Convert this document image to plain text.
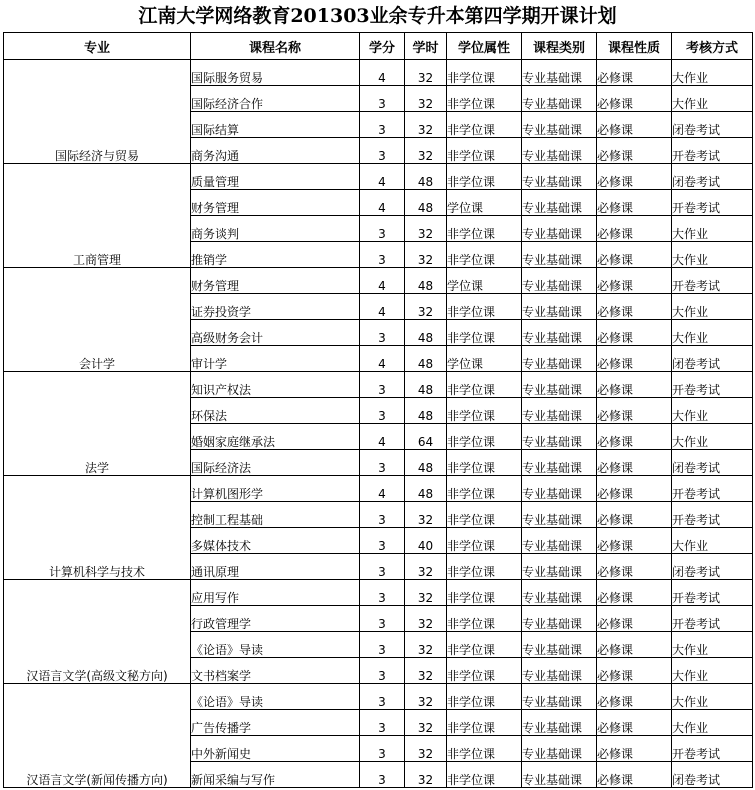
江南大学网络教育201303业余专升本第四学期开课计划
专业	课程名称	学分	学时	学位属性	课程类别	课程性质	考核方式
国际经济与贸易	国际服务贸易	4	32	非学位课	专业基础课	必修课	大作业
	国际经济合作	3	32	非学位课	专业基础课	必修课	大作业
	国际结算	3	32	非学位课	专业基础课	必修课	闭卷考试
	商务沟通	3	32	非学位课	专业基础课	必修课	开卷考试
工商管理	质量管理	4	48	非学位课	专业基础课	必修课	闭卷考试
	财务管理	4	48	学位课	专业基础课	必修课	开卷考试
	商务谈判	3	32	非学位课	专业基础课	必修课	大作业
	推销学	3	32	非学位课	专业基础课	必修课	大作业
会计学	财务管理	4	48	学位课	专业基础课	必修课	开卷考试
	证券投资学	4	32	非学位课	专业基础课	必修课	大作业
	高级财务会计	3	48	非学位课	专业基础课	必修课	大作业
	审计学	4	48	学位课	专业基础课	必修课	闭卷考试
法学	知识产权法	3	48	非学位课	专业基础课	必修课	开卷考试
	环保法	3	48	非学位课	专业基础课	必修课	大作业
	婚姻家庭继承法	4	64	非学位课	专业基础课	必修课	大作业
	国际经济法	3	48	非学位课	专业基础课	必修课	闭卷考试
计算机科学与技术	计算机图形学	4	48	非学位课	专业基础课	必修课	开卷考试
	控制工程基础	3	32	非学位课	专业基础课	必修课	开卷考试
	多媒体技术	3	40	非学位课	专业基础课	必修课	大作业
	通讯原理	3	32	非学位课	专业基础课	必修课	闭卷考试
汉语言文学(高级文秘方向)	应用写作	3	32	非学位课	专业基础课	必修课	开卷考试
	行政管理学	3	32	非学位课	专业基础课	必修课	开卷考试
	《论语》导读	3	32	非学位课	专业基础课	必修课	大作业
	文书档案学	3	32	非学位课	专业基础课	必修课	大作业
汉语言文学(新闻传播方向)	《论语》导读	3	32	非学位课	专业基础课	必修课	大作业
	广告传播学	3	32	非学位课	专业基础课	必修课	大作业
	中外新闻史	3	32	非学位课	专业基础课	必修课	开卷考试
	新闻采编与写作	3	32	非学位课	专业基础课	必修课	闭卷考试
